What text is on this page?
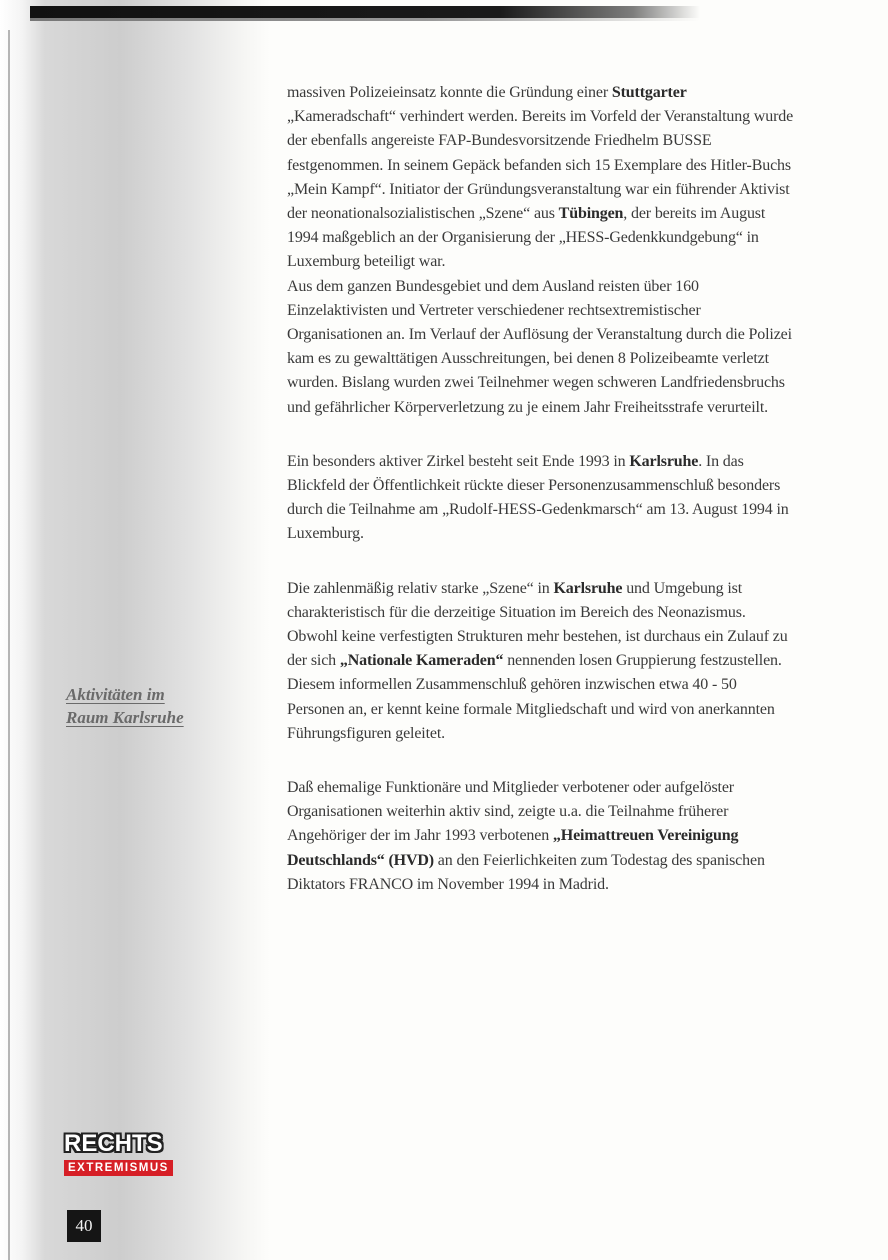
Aktivitäten im
Raum Karlsruhe

massiven Polizeieinsatz konnte die Gründung einer Stuttgarter „Kameradschaft“ verhindert werden. Bereits im Vorfeld der Veranstaltung wurde der ebenfalls angereiste FAP-Bundesvorsitzende Friedhelm BUSSE festgenommen. In seinem Gepäck befanden sich 15 Exemplare des Hitler-Buchs „Mein Kampf“. Initiator der Gründungsveranstaltung war ein führender Aktivist der neonationalsozialistischen „Szene“ aus Tübingen, der bereits im August 1994 maßgeblich an der Organisierung der „HESS-Gedenkkundgebung“ in Luxemburg beteiligt war.

Aus dem ganzen Bundesgebiet und dem Ausland reisten über 160 Einzelaktivisten und Vertreter verschiedener rechtsextremistischer Organisationen an. Im Verlauf der Auflösung der Veranstaltung durch die Polizei kam es zu gewalttätigen Ausschreitungen, bei denen 8 Polizeibeamte verletzt wurden. Bislang wurden zwei Teilnehmer wegen schweren Landfriedensbruchs und gefährlicher Körperverletzung zu je einem Jahr Freiheitsstrafe verurteilt.

Ein besonders aktiver Zirkel besteht seit Ende 1993 in Karlsruhe. In das Blickfeld der Öffentlichkeit rückte dieser Personenzusammenschluß besonders durch die Teilnahme am „Rudolf-HESS-Gedenkmarsch“ am 13. August 1994 in Luxemburg.

Die zahlenmäßig relativ starke „Szene“ in Karlsruhe und Umgebung ist charakteristisch für die derzeitige Situation im Bereich des Neonazismus. Obwohl keine verfestigten Strukturen mehr bestehen, ist durchaus ein Zulauf zu der sich „Nationale Kameraden“ nennenden losen Gruppierung festzustellen. Diesem informellen Zusammenschluß gehören inzwischen etwa 40 - 50 Personen an, er kennt keine formale Mitgliedschaft und wird von anerkannten Führungsfiguren geleitet.

Daß ehemalige Funktionäre und Mitglieder verbotener oder aufgelöster Organisationen weiterhin aktiv sind, zeigte u.a. die Teilnahme früherer Angehöriger der im Jahr 1993 verbotenen „Heimattreuen Vereinigung Deutschlands“ (HVD) an den Feierlichkeiten zum Todestag des spanischen Diktators FRANCO im November 1994 in Madrid.

RECHTS
EXTREMISMUS
40
